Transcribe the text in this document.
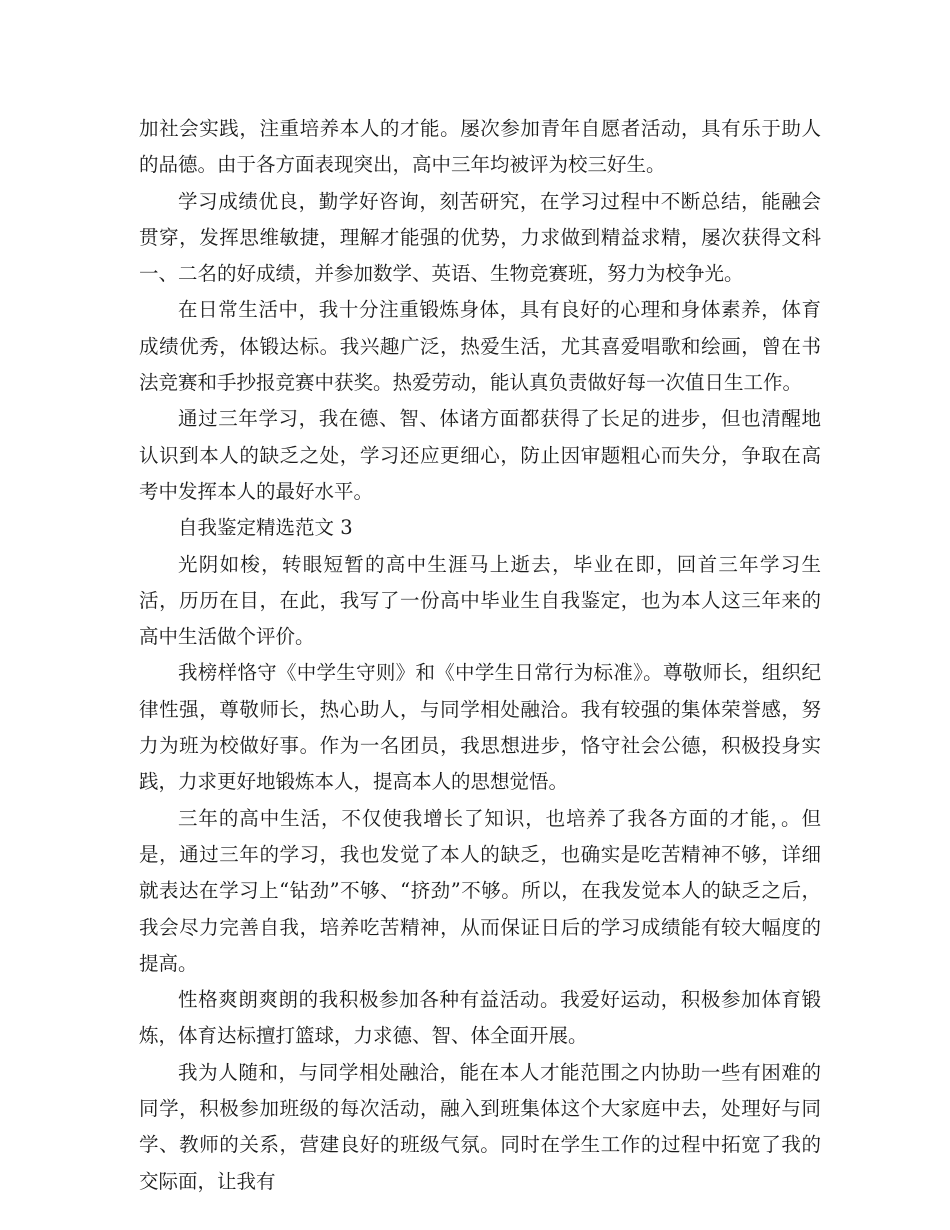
加社会实践，注重培养本人的才能。屡次参加青年自愿者活动，具有乐于助人的品德。由于各方面表现突出，高中三年均被评为校三好生。

学习成绩优良，勤学好咨询，刻苦研究，在学习过程中不断总结，能融会贯穿，发挥思维敏捷，理解才能强的优势，力求做到精益求精，屡次获得文科一、二名的好成绩，并参加数学、英语、生物竞赛班，努力为校争光。

在日常生活中，我十分注重锻炼身体，具有良好的心理和身体素养，体育成绩优秀，体锻达标。我兴趣广泛，热爱生活，尤其喜爱唱歌和绘画，曾在书法竞赛和手抄报竞赛中获奖。热爱劳动，能认真负责做好每一次值日生工作。

通过三年学习，我在德、智、体诸方面都获得了长足的进步，但也清醒地认识到本人的缺乏之处，学习还应更细心，防止因审题粗心而失分，争取在高考中发挥本人的最好水平。

自我鉴定精选范文 3

光阴如梭，转眼短暂的高中生涯马上逝去，毕业在即，回首三年学习生活，历历在目，在此，我写了一份高中毕业生自我鉴定，也为本人这三年来的高中生活做个评价。

我榜样恪守《中学生守则》和《中学生日常行为标准》。尊敬师长，组织纪律性强，尊敬师长，热心助人，与同学相处融洽。我有较强的集体荣誉感，努力为班为校做好事。作为一名团员，我思想进步，恪守社会公德，积极投身实践，力求更好地锻炼本人，提高本人的思想觉悟。

三年的高中生活，不仅使我增长了知识，也培养了我各方面的才能，。但是，通过三年的学习，我也发觉了本人的缺乏，也确实是吃苦精神不够，详细就表达在学习上“钻劲”不够、“挤劲”不够。所以，在我发觉本人的缺乏之后，我会尽力完善自我，培养吃苦精神，从而保证日后的学习成绩能有较大幅度的提高。

性格爽朗爽朗的我积极参加各种有益活动。我爱好运动，积极参加体育锻炼，体育达标擅打篮球，力求德、智、体全面开展。

我为人随和，与同学相处融洽，能在本人才能范围之内协助一些有困难的同学，积极参加班级的每次活动，融入到班集体这个大家庭中去，处理好与同学、教师的关系，营建良好的班级气氛。同时在学生工作的过程中拓宽了我的交际面，让我有
